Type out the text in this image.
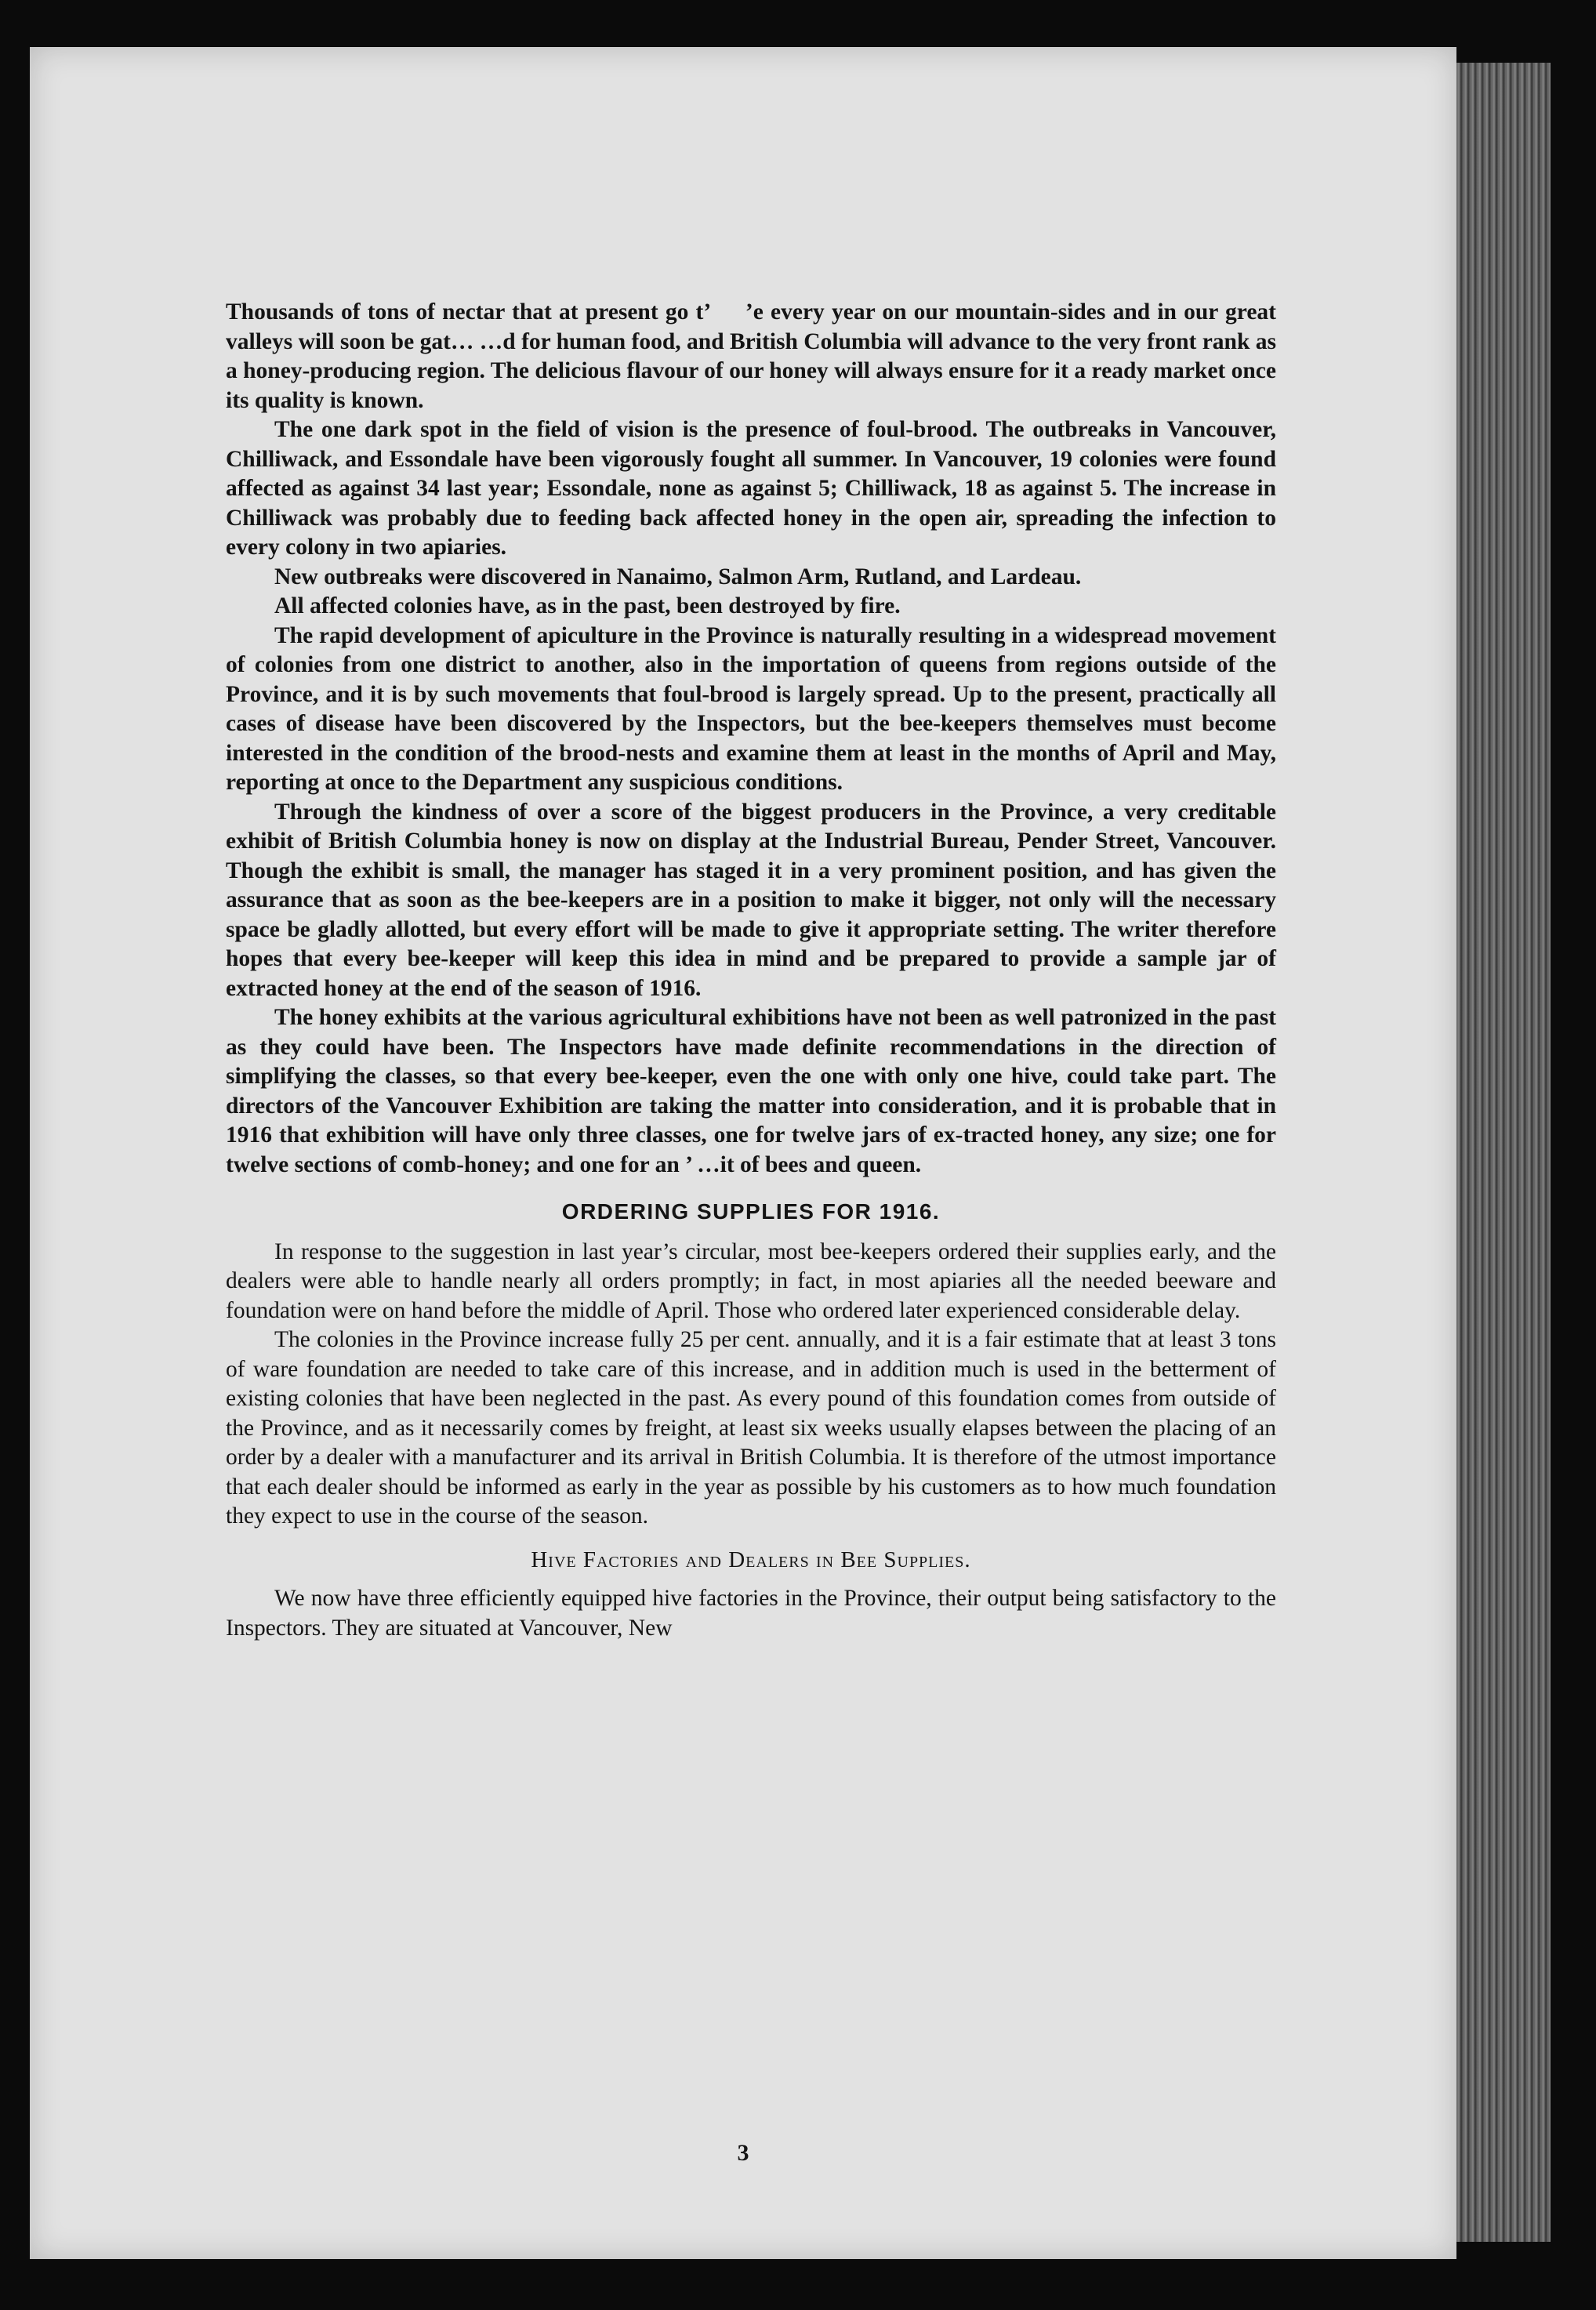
Thousands of tons of nectar that at present go t’     ’e every year on our mountain-sides and in our great valleys will soon be gat… …d for human food, and British Columbia will advance to the very front rank as a honey-producing region. The delicious flavour of our honey will always ensure for it a ready market once its quality is known.

The one dark spot in the field of vision is the presence of foul-brood. The outbreaks in Vancouver, Chilliwack, and Essondale have been vigorously fought all summer. In Vancouver, 19 colonies were found affected as against 34 last year; Essondale, none as against 5; Chilliwack, 18 as against 5. The increase in Chilliwack was probably due to feeding back affected honey in the open air, spreading the infection to every colony in two apiaries.

New outbreaks were discovered in Nanaimo, Salmon Arm, Rutland, and Lardeau.

All affected colonies have, as in the past, been destroyed by fire.

The rapid development of apiculture in the Province is naturally resulting in a widespread movement of colonies from one district to another, also in the importation of queens from regions outside of the Province, and it is by such movements that foul-brood is largely spread. Up to the present, practically all cases of disease have been discovered by the Inspectors, but the bee-keepers themselves must become interested in the condition of the brood-nests and examine them at least in the months of April and May, reporting at once to the Department any suspicious conditions.

Through the kindness of over a score of the biggest producers in the Province, a very creditable exhibit of British Columbia honey is now on display at the Industrial Bureau, Pender Street, Vancouver. Though the exhibit is small, the manager has staged it in a very prominent position, and has given the assurance that as soon as the bee-keepers are in a position to make it bigger, not only will the necessary space be gladly allotted, but every effort will be made to give it appropriate setting. The writer therefore hopes that every bee-keeper will keep this idea in mind and be prepared to provide a sample jar of extracted honey at the end of the season of 1916.

The honey exhibits at the various agricultural exhibitions have not been as well patronized in the past as they could have been. The Inspectors have made definite recommendations in the direction of simplifying the classes, so that every bee-keeper, even the one with only one hive, could take part. The directors of the Vancouver Exhibition are taking the matter into consideration, and it is probable that in 1916 that exhibition will have only three classes, one for twelve jars of ex-tracted honey, any size; one for twelve sections of comb-honey; and one for an ’ …it of bees and queen.

ORDERING SUPPLIES FOR 1916.

In response to the suggestion in last year’s circular, most bee-keepers ordered their supplies early, and the dealers were able to handle nearly all orders promptly; in fact, in most apiaries all the needed beeware and foundation were on hand before the middle of April. Those who ordered later experienced considerable delay.

The colonies in the Province increase fully 25 per cent. annually, and it is a fair estimate that at least 3 tons of ware foundation are needed to take care of this increase, and in addition much is used in the betterment of existing colonies that have been neglected in the past. As every pound of this foundation comes from outside of the Province, and as it necessarily comes by freight, at least six weeks usually elapses between the placing of an order by a dealer with a manufacturer and its arrival in British Columbia. It is therefore of the utmost importance that each dealer should be informed as early in the year as possible by his customers as to how much foundation they expect to use in the course of the season.

Hive Factories and Dealers in Bee Supplies.

We now have three efficiently equipped hive factories in the Province, their output being satisfactory to the Inspectors. They are situated at Vancouver, New

3
